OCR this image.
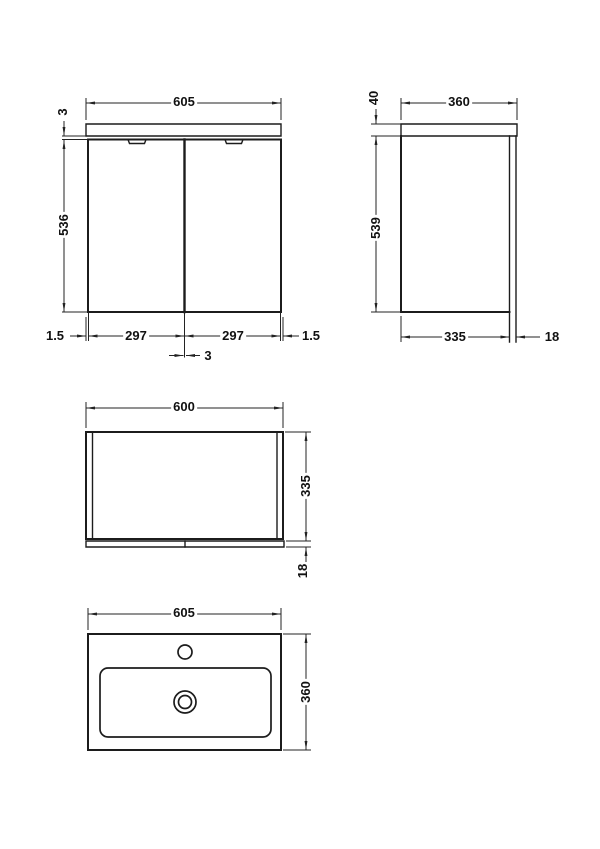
605
3
536
1.5	297	297	1.5
3
360
40
539
335	18
600
335
18
605
360
